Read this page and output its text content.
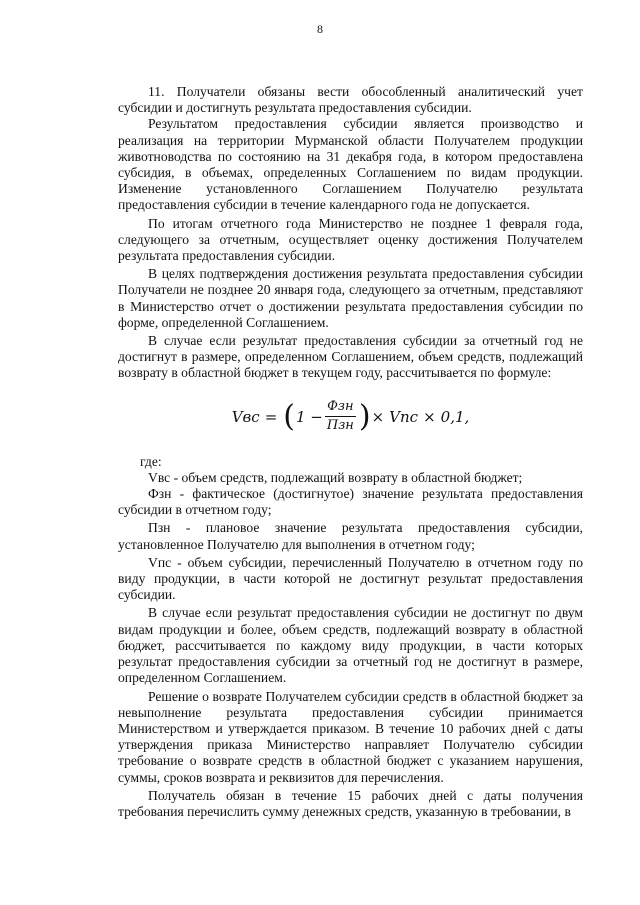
8

11. Получатели обязаны вести обособленный аналитический учет субсидии и достигнуть результата предоставления субсидии.

Результатом предоставления субсидии является производство и реализация на территории Мурманской области Получателем продукции животноводства по состоянию на 31 декабря года, в котором предоставлена субсидия, в объемах, определенных Соглашением по видам продукции. Изменение установленного Соглашением Получателю результата предоставления субсидии в течение календарного года не допускается.

По итогам отчетного года Министерство не позднее 1 февраля года, следующего за отчетным, осуществляет оценку достижения Получателем результата предоставления субсидии.

В целях подтверждения достижения результата предоставления субсидии Получатели не позднее 20 января года, следующего за отчетным, представляют в Министерство отчет о достижении результата предоставления субсидии по форме, определенной Соглашением.

В случае если результат предоставления субсидии за отчетный год не достигнут в размере, определенном Соглашением, объем средств, подлежащий возврату в областной бюджет в текущем году, рассчитывается по формуле:

Vвс = ( $1 - \frac{\text{Фзн}}{\text{Пзн}}$ ) × Vпс × 0,1,

где:

Vвс - объем средств, подлежащий возврату в областной бюджет;

Фзн - фактическое (достигнутое) значение результата предоставления субсидии в отчетном году;

Пзн - плановое значение результата предоставления субсидии, установленное Получателю для выполнения в отчетном году;

Vпс - объем субсидии, перечисленный Получателю в отчетном году по виду продукции, в части которой не достигнут результат предоставления субсидии.

В случае если результат предоставления субсидии не достигнут по двум видам продукции и более, объем средств, подлежащий возврату в областной бюджет, рассчитывается по каждому виду продукции, в части которых результат предоставления субсидии за отчетный год не достигнут в размере, определенном Соглашением.

Решение о возврате Получателем субсидии средств в областной бюджет за невыполнение результата предоставления субсидии принимается Министерством и утверждается приказом. В течение 10 рабочих дней с даты утверждения приказа Министерство направляет Получателю субсидии требование о возврате средств в областной бюджет с указанием нарушения, суммы, сроков возврата и реквизитов для перечисления.

Получатель обязан в течение 15 рабочих дней с даты получения требования перечислить сумму денежных средств, указанную в требовании, в
